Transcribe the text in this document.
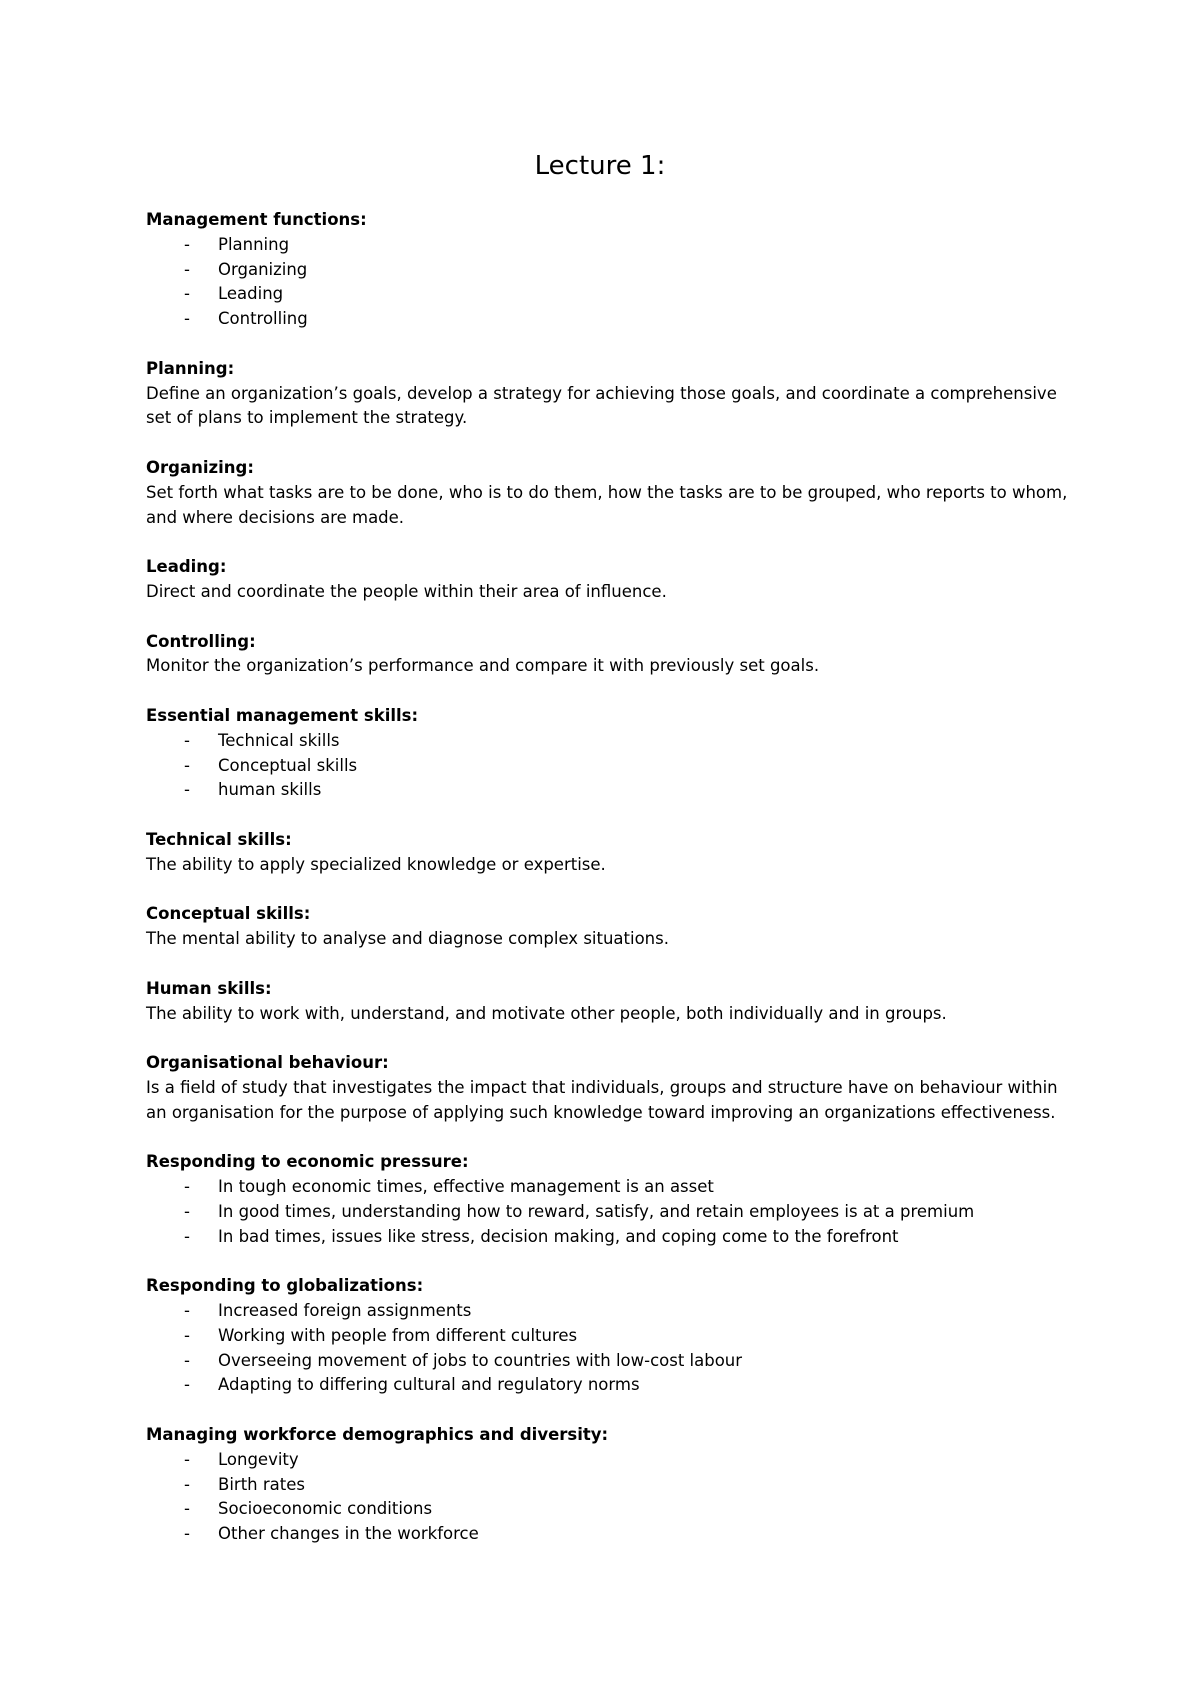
Lecture 1:
Management functions:
- Planning
- Organizing
- Leading
- Controlling
Planning:
Define an organization’s goals, develop a strategy for achieving those goals, and coordinate a comprehensive set of plans to implement the strategy.
Organizing:
Set forth what tasks are to be done, who is to do them, how the tasks are to be grouped, who reports to whom, and where decisions are made.
Leading:
Direct and coordinate the people within their area of influence.
Controlling:
Monitor the organization’s performance and compare it with previously set goals.
Essential management skills:
- Technical skills
- Conceptual skills
- human skills
Technical skills:
The ability to apply specialized knowledge or expertise.
Conceptual skills:
The mental ability to analyse and diagnose complex situations.
Human skills:
The ability to work with, understand, and motivate other people, both individually and in groups.
Organisational behaviour:
Is a field of study that investigates the impact that individuals, groups and structure have on behaviour within an organisation for the purpose of applying such knowledge toward improving an organizations effectiveness.
Responding to economic pressure:
- In tough economic times, effective management is an asset
- In good times, understanding how to reward, satisfy, and retain employees is at a premium
- In bad times, issues like stress, decision making, and coping come to the forefront
Responding to globalizations:
- Increased foreign assignments
- Working with people from different cultures
- Overseeing movement of jobs to countries with low-cost labour
- Adapting to differing cultural and regulatory norms
Managing workforce demographics and diversity:
- Longevity
- Birth rates
- Socioeconomic conditions
- Other changes in the workforce
